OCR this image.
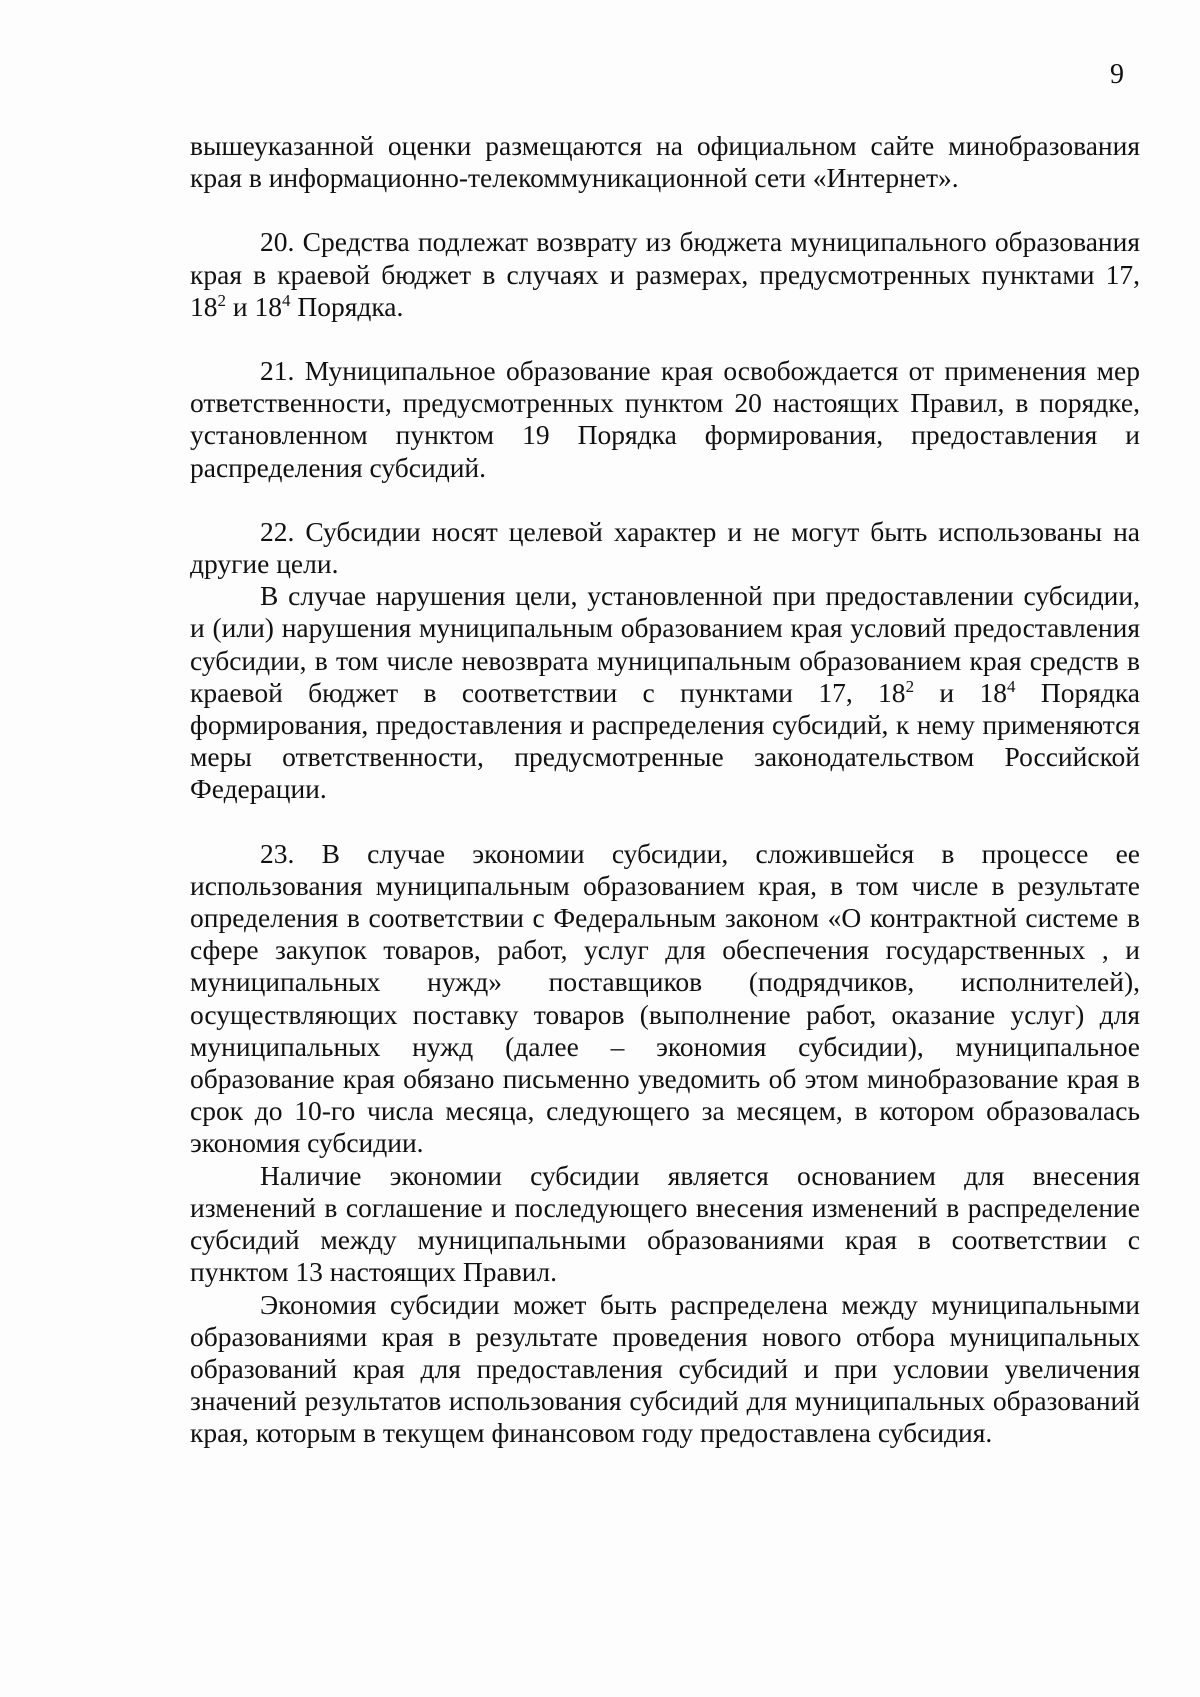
9

вышеуказанной оценки размещаются на официальном сайте минобразования края в информационно-телекоммуникационной сети «Интернет».

20. Средства подлежат возврату из бюджета муниципального образования края в краевой бюджет в случаях и размерах, предусмотренных пунктами 17, $18^2$ и $18^4$ Порядка.

21. Муниципальное образование края освобождается от применения мер ответственности, предусмотренных пунктом 20 настоящих Правил, в порядке, установленном пунктом 19 Порядка формирования, предоставления и распределения субсидий.

22. Субсидии носят целевой характер и не могут быть использованы на другие цели.

В случае нарушения цели, установленной при предоставлении субсидии, и (или) нарушения муниципальным образованием края условий предоставления субсидии, в том числе невозврата муниципальным образованием края средств в краевой бюджет в соответствии с пунктами 17, $18^2$ и $18^4$ Порядка формирования, предоставления и распределения субсидий, к нему применяются меры ответственности, предусмотренные законодательством Российской Федерации.

23. В случае экономии субсидии, сложившейся в процессе ее использования муниципальным образованием края, в том числе в результате определения в соответствии с Федеральным законом «О контрактной системе в сфере закупок товаров, работ, услуг для обеспечения государственных , и муниципальных нужд» поставщиков (подрядчиков, исполнителей), осуществляющих поставку товаров (выполнение работ, оказание услуг) для муниципальных нужд (далее – экономия субсидии), муниципальное образование края обязано письменно уведомить об этом минобразование края в срок до 10-го числа месяца, следующего за месяцем, в котором образовалась экономия субсидии.

Наличие экономии субсидии является основанием для внесения изменений в соглашение и последующего внесения изменений в распределение субсидий между муниципальными образованиями края в соответствии с пунктом 13 настоящих Правил.

Экономия субсидии может быть распределена между муниципальными образованиями края в результате проведения нового отбора муниципальных образований края для предоставления субсидий и при условии увеличения значений результатов использования субсидий для муниципальных образований края, которым в текущем финансовом году предоставлена субсидия.
